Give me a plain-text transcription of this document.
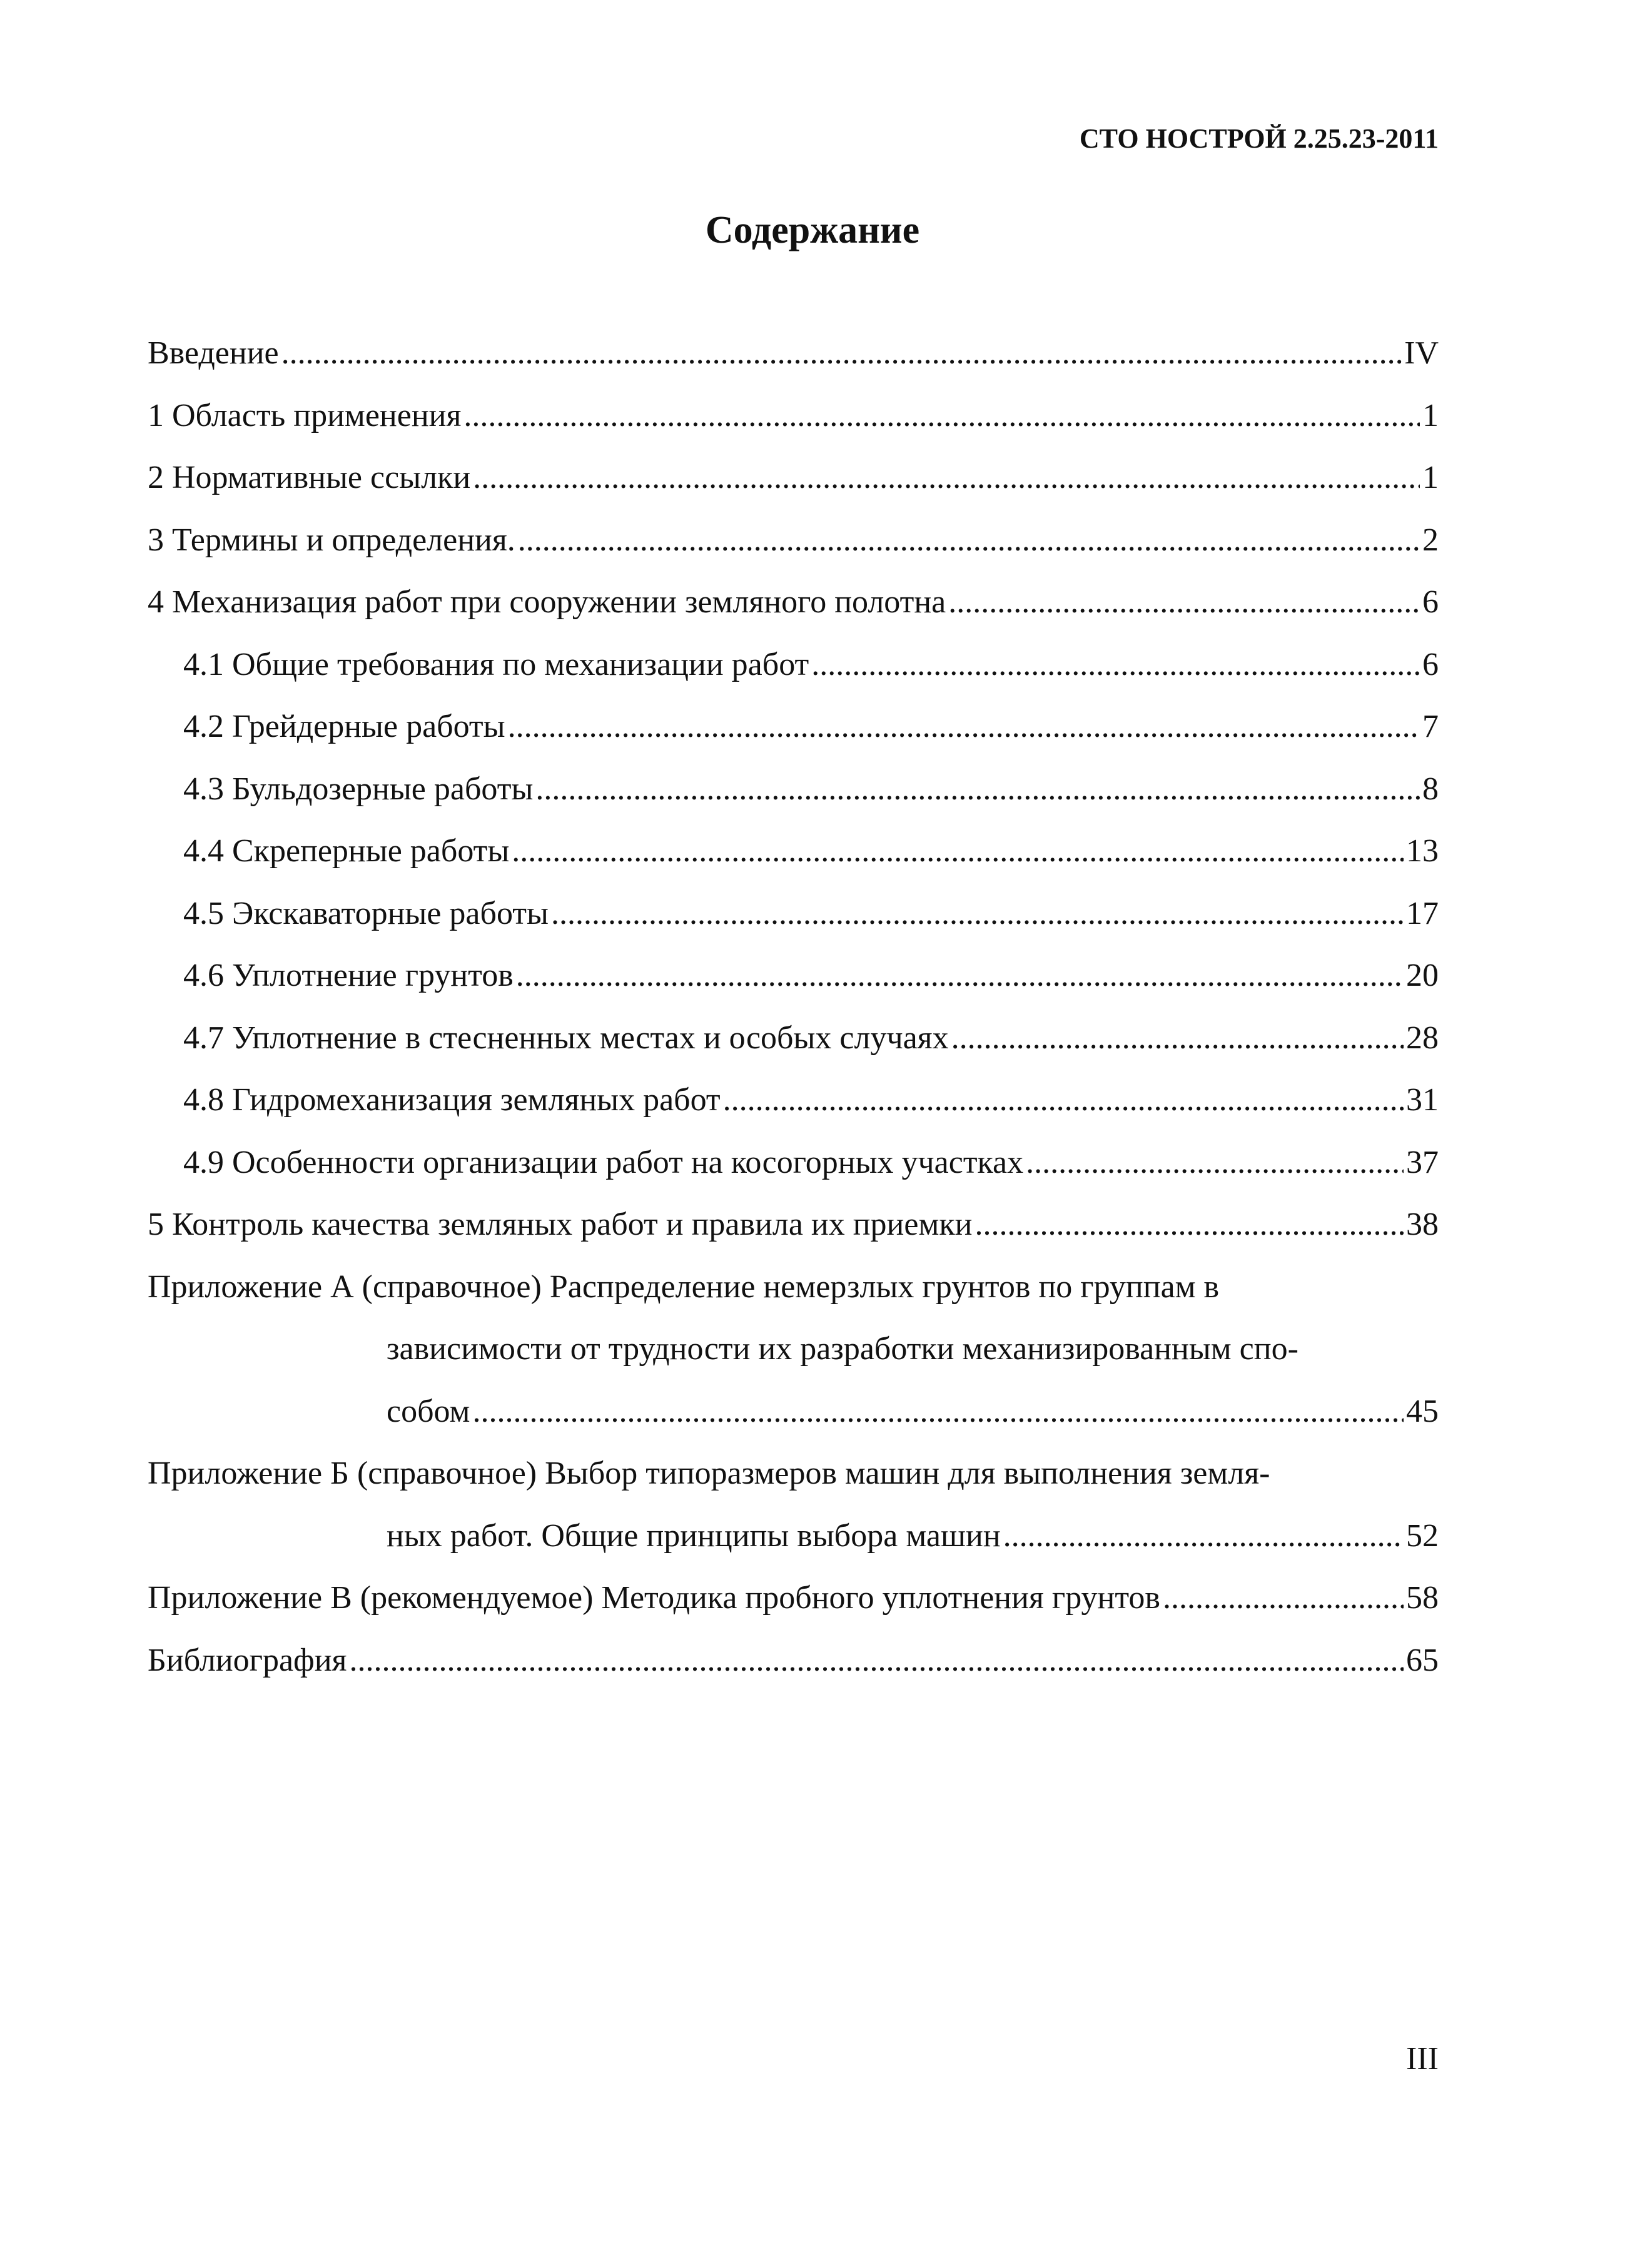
СТО НОСТРОЙ 2.25.23-2011
Содержание
Введение .....	IV
1 Область применения .....	1
2 Нормативные ссылки .....	1
3 Термины и определения. .....	2
4 Механизация работ при сооружении земляного полотна .....	6
4.1 Общие требования по механизации работ .....	6
4.2 Грейдерные работы .....	7
4.3 Бульдозерные работы .....	8
4.4 Скреперные работы .....	13
4.5 Экскаваторные работы .....	17
4.6 Уплотнение грунтов .....	20
4.7 Уплотнение в стесненных местах и особых случаях .....	28
4.8 Гидромеханизация земляных работ .....	31
4.9 Особенности организации работ на косогорных участках .....	37
5 Контроль качества земляных работ и правила их приемки .....	38
Приложение А (справочное) Распределение немерзлых грунтов по группам в
зависимости от трудности их разработки механизированным спо-
собом .....	45
Приложение Б (справочное) Выбор типоразмеров машин для выполнения земля-
ных работ. Общие принципы выбора машин .....	52
Приложение В (рекомендуемое) Методика пробного уплотнения грунтов .....	58
Библиография .....	65
III
